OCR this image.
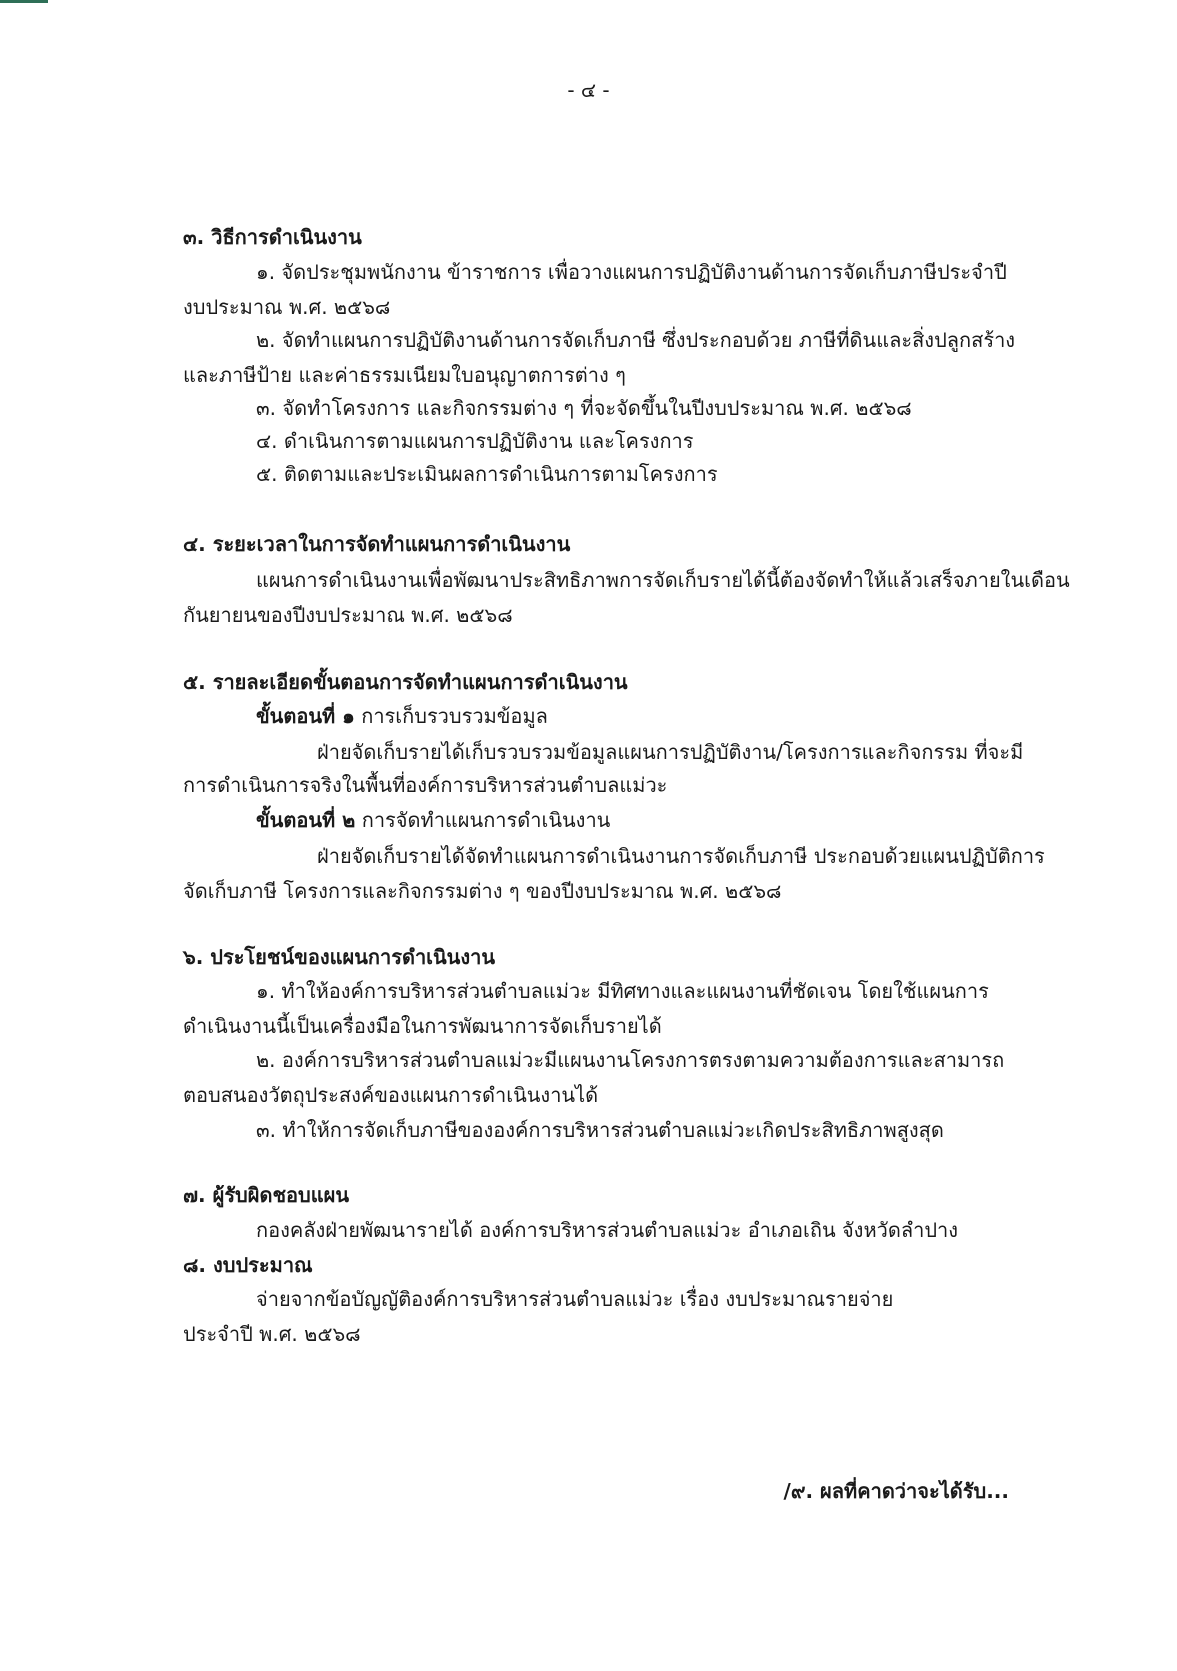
- ๔ -
๓. วิธีการดำเนินงาน
๑. จัดประชุมพนักงาน ข้าราชการ เพื่อวางแผนการปฏิบัติงานด้านการจัดเก็บภาษีประจำปี
งบประมาณ พ.ศ. ๒๕๖๘
๒. จัดทำแผนการปฏิบัติงานด้านการจัดเก็บภาษี ซึ่งประกอบด้วย ภาษีที่ดินและสิ่งปลูกสร้าง
และภาษีป้าย และค่าธรรมเนียมใบอนุญาตการต่าง ๆ
๓. จัดทำโครงการ และกิจกรรมต่าง ๆ ที่จะจัดขึ้นในปีงบประมาณ พ.ศ. ๒๕๖๘
๔. ดำเนินการตามแผนการปฏิบัติงาน และโครงการ
๕. ติดตามและประเมินผลการดำเนินการตามโครงการ
๔. ระยะเวลาในการจัดทำแผนการดำเนินงาน
แผนการดำเนินงานเพื่อพัฒนาประสิทธิภาพการจัดเก็บรายได้นี้ต้องจัดทำให้แล้วเสร็จภายในเดือน
กันยายนของปีงบประมาณ พ.ศ. ๒๕๖๘
๕. รายละเอียดขั้นตอนการจัดทำแผนการดำเนินงาน
ขั้นตอนที่ ๑ การเก็บรวบรวมข้อมูล
ฝ่ายจัดเก็บรายได้เก็บรวบรวมข้อมูลแผนการปฏิบัติงาน/โครงการและกิจกรรม ที่จะมี
การดำเนินการจริงในพื้นที่องค์การบริหารส่วนตำบลแม่วะ
ขั้นตอนที่ ๒ การจัดทำแผนการดำเนินงาน
ฝ่ายจัดเก็บรายได้จัดทำแผนการดำเนินงานการจัดเก็บภาษี ประกอบด้วยแผนปฏิบัติการ
จัดเก็บภาษี โครงการและกิจกรรมต่าง ๆ ของปีงบประมาณ พ.ศ. ๒๕๖๘
๖. ประโยชน์ของแผนการดำเนินงาน
๑. ทำให้องค์การบริหารส่วนตำบลแม่วะ มีทิศทางและแผนงานที่ชัดเจน โดยใช้แผนการ
ดำเนินงานนี้เป็นเครื่องมือในการพัฒนาการจัดเก็บรายได้
๒. องค์การบริหารส่วนตำบลแม่วะมีแผนงานโครงการตรงตามความต้องการและสามารถ
ตอบสนองวัตถุประสงค์ของแผนการดำเนินงานได้
๓. ทำให้การจัดเก็บภาษีขององค์การบริหารส่วนตำบลแม่วะเกิดประสิทธิภาพสูงสุด
๗. ผู้รับผิดชอบแผน
กองคลังฝ่ายพัฒนารายได้ องค์การบริหารส่วนตำบลแม่วะ อำเภอเถิน จังหวัดลำปาง
๘. งบประมาณ
จ่ายจากข้อบัญญัติองค์การบริหารส่วนตำบลแม่วะ เรื่อง งบประมาณรายจ่าย
ประจำปี พ.ศ. ๒๕๖๘
/๙. ผลที่คาดว่าจะได้รับ...
